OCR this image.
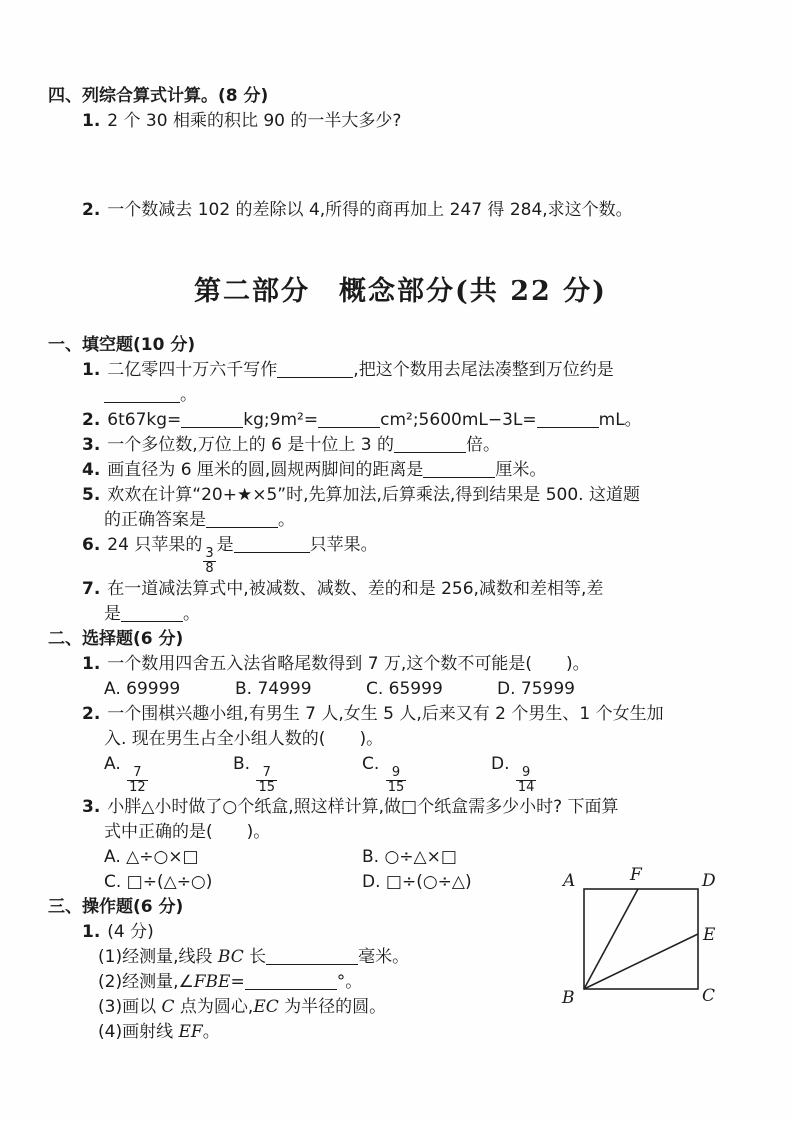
四、列综合算式计算。(8 分)
1. 2 个 30 相乘的积比 90 的一半大多少?
2. 一个数减去 102 的差除以 4,所得的商再加上 247 得 284,求这个数。
第二部分　概念部分(共 22 分)
一、填空题(10 分)
1. 二亿零四十万六千写作	,把这个数用去尾法凑整到万位约是
。
2. 6t67kg=	kg;9m²=	cm²;5600mL−3L=	mL。
3. 一个多位数,万位上的 6 是十位上 3 的	倍。
4. 画直径为 6 厘米的圆,圆规两脚间的距离是	厘米。
5. 欢欢在计算“20+★×5”时,先算加法,后算乘法,得到结果是 500. 这道题
的正确答案是	。
6. 24 只苹果的
$\frac{3}{8}$
是	只苹果。
7. 在一道减法算式中,被减数、减数、差的和是 256,减数和差相等,差
是	。
二、选择题(6 分)
1. 一个数用四舍五入法省略尾数得到 7 万,这个数不可能是(　　)。
A. 69999	B. 74999	C. 65999	D. 75999
2. 一个围棋兴趣小组,有男生 7 人,女生 5 人,后来又有 2 个男生、1 个女生加
入. 现在男生占全小组人数的(　　)。
A.
$\frac{7}{12}$
B.
$\frac{7}{15}$
C.
$\frac{9}{15}$
D.
$\frac{9}{14}$
3. 小胖△小时做了○个纸盒,照这样计算,做□个纸盒需多少小时? 下面算
式中正确的是(　　)。
A. △÷○×□	B. ○÷△×□
C. □÷(△÷○)	D. □÷(○÷△)
三、操作题(6 分)
1. (4 分)
(1)经测量,线段 BC 长	毫米。
(2)经测量,∠FBE=	°。
(3)画以 C 点为圆心,EC 为半径的圆。
(4)画射线 EF。
A	F	D
E
B	C
